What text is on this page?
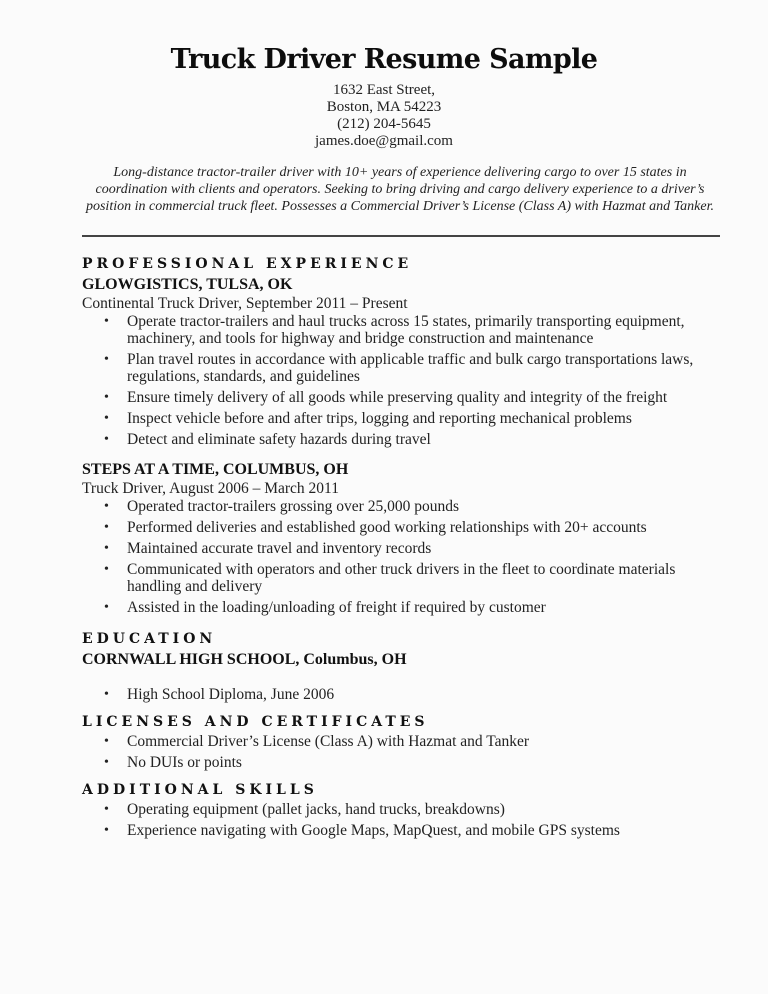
Truck Driver Resume Sample
1632 East Street,
Boston, MA 54223
(212) 204-5645
james.doe@gmail.com
Long-distance tractor-trailer driver with 10+ years of experience delivering cargo to over 15 states in coordination with clients and operators. Seeking to bring driving and cargo delivery experience to a driver’s position in commercial truck fleet. Possesses a Commercial Driver’s License (Class A) with Hazmat and Tanker.
PROFESSIONAL EXPERIENCE
GLOWGISTICS, TULSA, OK
Continental Truck Driver, September 2011 – Present
• Operate tractor-trailers and haul trucks across 15 states, primarily transporting equipment, machinery, and tools for highway and bridge construction and maintenance
• Plan travel routes in accordance with applicable traffic and bulk cargo transportations laws, regulations, standards, and guidelines
• Ensure timely delivery of all goods while preserving quality and integrity of the freight
• Inspect vehicle before and after trips, logging and reporting mechanical problems
• Detect and eliminate safety hazards during travel
STEPS AT A TIME, COLUMBUS, OH
Truck Driver, August 2006 – March 2011
• Operated tractor-trailers grossing over 25,000 pounds
• Performed deliveries and established good working relationships with 20+ accounts
• Maintained accurate travel and inventory records
• Communicated with operators and other truck drivers in the fleet to coordinate materials handling and delivery
• Assisted in the loading/unloading of freight if required by customer
EDUCATION
CORNWALL HIGH SCHOOL, Columbus, OH
• High School Diploma, June 2006
LICENSES AND CERTIFICATES
• Commercial Driver’s License (Class A) with Hazmat and Tanker
• No DUIs or points
ADDITIONAL SKILLS
• Operating equipment (pallet jacks, hand trucks, breakdowns)
• Experience navigating with Google Maps, MapQuest, and mobile GPS systems
